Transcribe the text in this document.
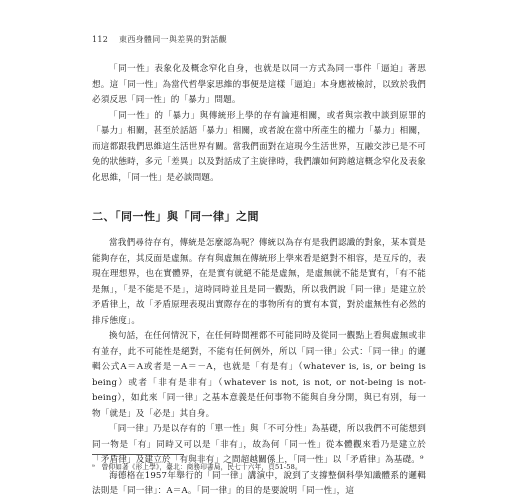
112 東西身體同一與差異的對話觀

「同一性」表象化及概念窄化自身，也就是以同一方式為同一事件「逼迫」著思想。這「同一性」為當代哲學家思維的事便是這樣「逼迫」本身應被檢討，以致於我們必須反思「同一性」的「暴力」問題。

「同一性」的「暴力」與傳統形上學的存有論連相關，或者與宗教中談到原罪的「暴力」相關，甚至於話語「暴力」相關，或者說在當中所產生的權力「暴力」相關，而這都跟我們思維這生活世界有關。當我們面對在這現今生活世界，互融交涉已是不可免的狀態時，多元「差異」以及對話成了主旋律時，我們讓如何跨越這概念窄化及表象化思維，「同一性」是必談問題。

二、「同一性」與「同一律」之間

當我們尋待存有，傳統是怎麼認為呢？傳統以為存有是我們認識的對象，某本質是能夠存在，其反面是虛無。存有與虛無在傳統形上學來看是絕對不相容，是互斥的，表現在理想界，也在實體界，在是實有就絕不能是虛無，是虛無就不能是實有，「有不能是無」，「是不能是不是」，這時同時並且是同一觀點，所以我們說「同一律」是建立於矛盾律上，故「矛盾原理表現出實際存在的事物所有的實有本質，對於虛無性有必然的排斥態度」。

換句話，在任何情況下，在任何時間裡都不可能同時及從同一觀點上看與虛無或非有並存，此不可能性是絕對，不能有任何例外，所以「同一律」公式：「同一律」的邏輯公式A＝A或者是－A＝－A，也就是「有是有」（whatever is, is, or being is being）或者「非有是非有」（whatever is not, is not, or not-being is not-being），如此來「同一律」之基本意義是任何事物不能與自身分開，與已有別，每一物「就是」及「必是」其自身。

「同一律」乃是以存有的「單一性」與「不可分性」為基礎，所以我們不可能想到同一物是「有」同時又可以是「非有」，故為何「同一性」從本體觀來看乃是建立於「矛盾律」及建立於「有與非有」之間超越關係上，「同一性」以「矛盾律」為基礎。⁹

海德格在1957年舉行的「同一律」講演中，說到了支撐整個科學知識體系的邏輯法則是「同一律」：A＝A。「同一律」的目的是要說明「同一性」，這

⁹　曾仰如著《形上學》，臺北：商務印書局，民七十六年，頁51-58。
